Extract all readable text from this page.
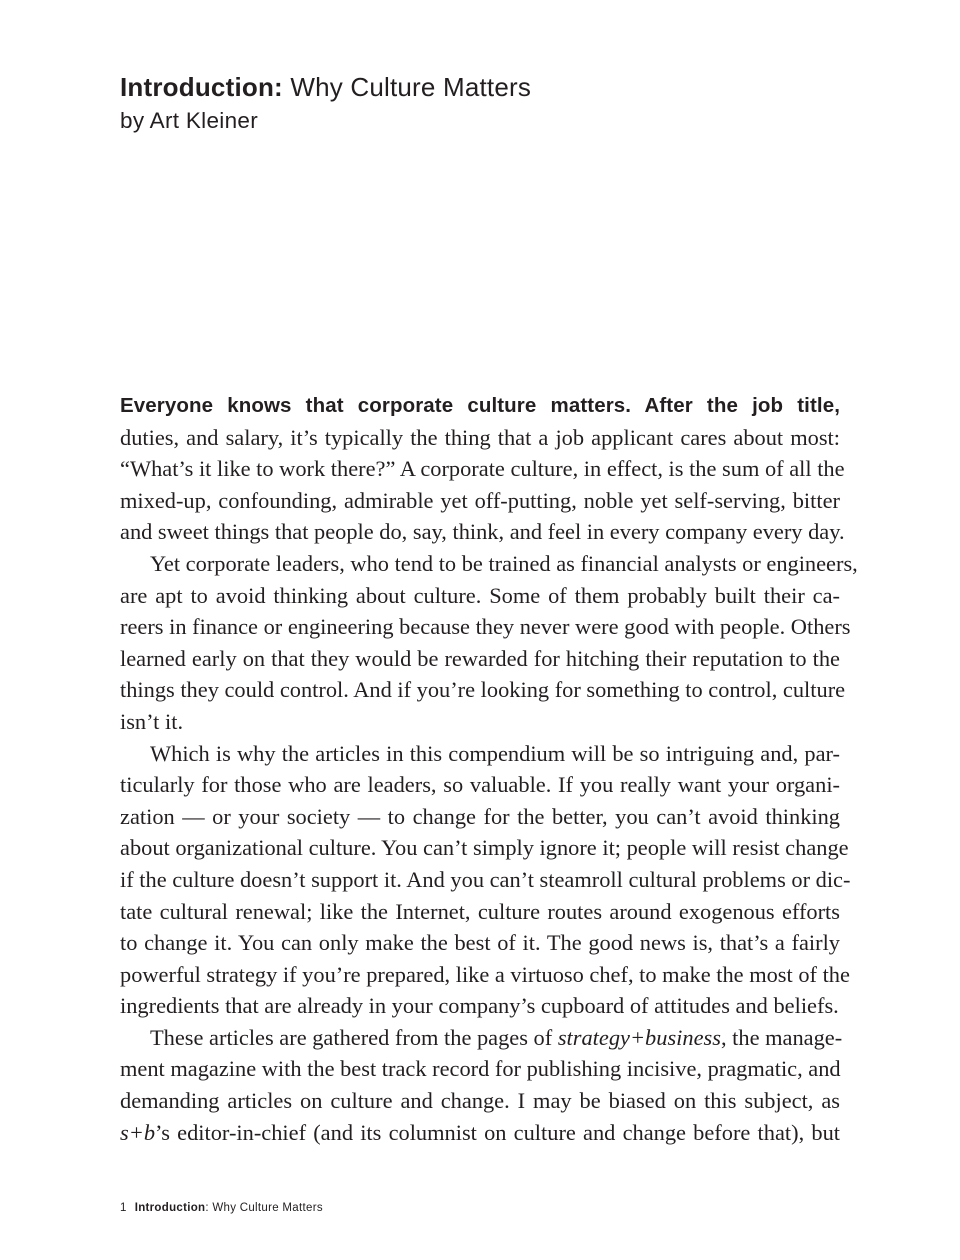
Introduction: Why Culture Matters
by Art Kleiner
Everyone knows that corporate culture matters. After the job title,
duties, and salary, it’s typically the thing that a job applicant cares about most:
“What’s it like to work there?” A corporate culture, in effect, is the sum of all the
mixed-up, confounding, admirable yet off-putting, noble yet self-serving, bitter
and sweet things that people do, say, think, and feel in every company every day.
Yet corporate leaders, who tend to be trained as financial analysts or engineers,
are apt to avoid thinking about culture. Some of them probably built their ca-
reers in finance or engineering because they never were good with people. Others
learned early on that they would be rewarded for hitching their reputation to the
things they could control. And if you’re looking for something to control, culture
isn’t it.
Which is why the articles in this compendium will be so intriguing and, par-
ticularly for those who are leaders, so valuable. If you really want your organi-
zation — or your society — to change for the better, you can’t avoid thinking
about organizational culture. You can’t simply ignore it; people will resist change
if the culture doesn’t support it. And you can’t steamroll cultural problems or dic-
tate cultural renewal; like the Internet, culture routes around exogenous efforts
to change it. You can only make the best of it. The good news is, that’s a fairly
powerful strategy if you’re prepared, like a virtuoso chef, to make the most of the
ingredients that are already in your company’s cupboard of attitudes and beliefs.
These articles are gathered from the pages of strategy+business, the manage-
ment magazine with the best track record for publishing incisive, pragmatic, and
demanding articles on culture and change. I may be biased on this subject, as
s+b’s editor-in-chief (and its columnist on culture and change before that), but
1 Introduction: Why Culture Matters
